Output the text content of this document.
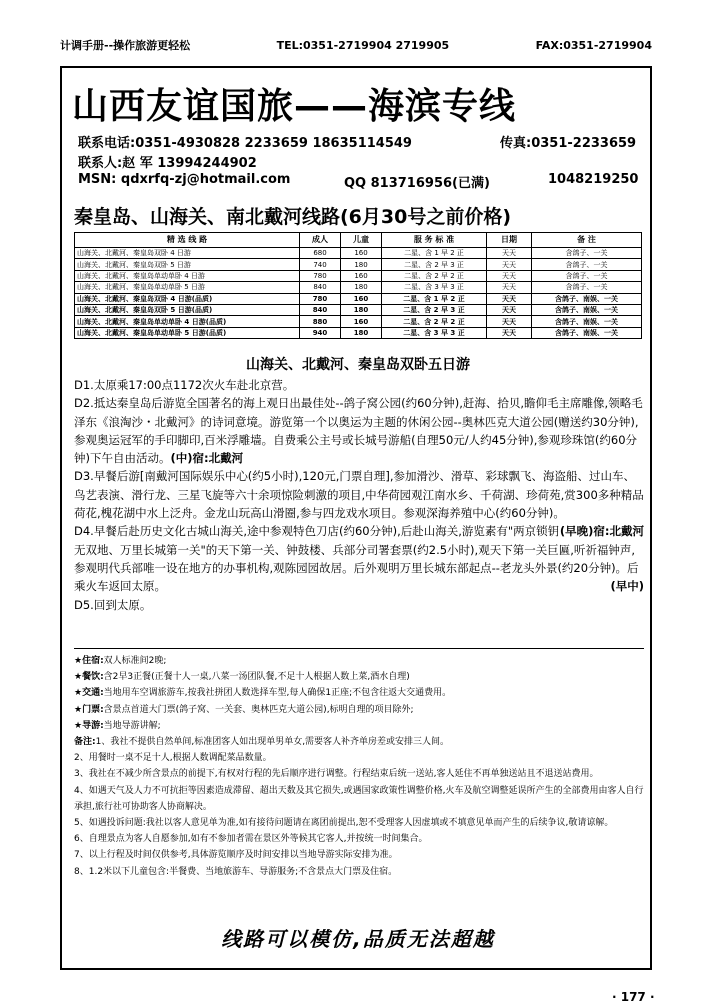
计调手册--操作旅游更轻松	TEL:0351-2719904 2719905	FAX:0351-2719904
山西友谊国旅——海滨专线
联系电话:0351-4930828 2233659 18635114549	传真:0351-2233659
联系人:赵 军 13994244902
MSN: qdxrfq-zj@hotmail.com	QQ 813716956(已满)	1048219250
秦皇岛、山海关、南北戴河线路(6月30号之前价格)
精 选 线 路	成人	儿童	服 务 标 准	日期	备 注
山海关、北戴河、秦皇岛双卧 4 日游	680	160	二星、含 1 早 2 正	天天	含鸽子、一关
山海关、北戴河、秦皇岛双卧 5 日游	740	180	二星、含 2 早 3 正	天天	含鸽子、一关
山海关、北戴河、秦皇岛单动单卧 4 日游	780	160	二星、含 2 早 2 正	天天	含鸽子、一关
山海关、北戴河、秦皇岛单动单卧 5 日游	840	180	二星、含 3 早 3 正	天天	含鸽子、一关
山海关、北戴河、秦皇岛双卧 4 日游(品质)	780	160	二星、含 1 早 2 正	天天	含鸽子、南娱、一关
山海关、北戴河、秦皇岛双卧 5 日游(品质)	840	180	二星、含 2 早 3 正	天天	含鸽子、南娱、一关
山海关、北戴河、秦皇岛单动单卧 4 日游(品质)	880	160	二星、含 2 早 2 正	天天	含鸽子、南娱、一关
山海关、北戴河、秦皇岛单动单卧 5 日游(品质)	940	180	二星、含 3 早 3 正	天天	含鸽子、南娱、一关
山海关、北戴河、秦皇岛双卧五日游

D1.太原乘17:00点1172次火车赴北京营。

D2.抵达秦皇岛后游览全国著名的海上观日出最佳处--鸽子窝公园(约60分钟),赶海、拾贝,瞻仰毛主席雕像,领略毛泽东《浪淘沙・北戴河》的诗词意境。游览第一个以奥运为主题的休闲公园--奥林匹克大道公园(赠送约30分钟),参观奥运冠军的手印脚印,百米浮雕墙。自费乘公主号或长城号游船(自理50元/人约45分钟),参观珍珠馆(约60分钟)下午自由活动。(中)宿:北戴河

D3.早餐后游[南戴河国际娱乐中心(约5小时),120元,门票自理],参加滑沙、滑草、彩球飘飞、海盗船、过山车、鸟艺表演、滑行龙、三星飞旋等六十余项惊险刺激的项目,中华荷园观江南水乡、千荷湖、珍荷苑,赏300多种精品荷花,槐花湖中水上泛舟。金龙山玩高山滑圈,参与四龙戏水项目。参观深海养殖中心(约60分钟)。
(早晚)宿:北戴河

D4.早餐后赴历史文化古城山海关,途中参观特色刀店(约60分钟),后赴山海关,游览素有"两京锁钥无双地、万里长城第一关"的天下第一关、钟鼓楼、兵部分司署套票(约2.5小时),观天下第一关巨匾,听祈福钟声,参观明代兵部唯一设在地方的办事机构,观陈园园故居。后外观明万里长城东部起点--老龙头外景(约20分钟)。后乘火车返回太原。	(早中)

D5.回到太原。

★住宿:双人标准间2晚;

★餐饮:含2早3正餐(正餐十人一桌,八菜一汤团队餐,不足十人根据人数上菜,酒水自理)

★交通:当地用车空调旅游车,按我社拼团人数选择车型,每人确保1正座;不包含往返大交通费用。

★门票:含景点首道大门票(鸽子窝、一关套、奥林匹克大道公园),标明自理的项目除外;

★导游:当地导游讲解;

备注:1、我社不提供自然单间,标准团客人如出现单男单女,需要客人补齐单房差或安排三人间。

2、用餐时一桌不足十人,根据人数调配菜品数量。

3、我社在不减少所含景点的前提下,有权对行程的先后顺序进行调整。行程结束后统一送站,客人延住不再单独送站且不退送站费用。

4、如遇天气及人力不可抗拒等因素造成滞留、超出天数及其它损失,或遇国家政策性调整价格,火车及航空调整延误所产生的全部费用由客人自行承担,旅行社可协助客人协商解决。

5、如遇投诉问题:我社以客人意见单为准,如有接待问题请在离团前提出,恕不受理客人因虚填或不填意见单而产生的后续争议,敬请谅解。

6、自理景点为客人自愿参加,如有不参加者需在景区外等候其它客人,并按统一时间集合。

7、以上行程及时间仅供参考,具体游览顺序及时间安排以当地导游实际安排为准。

8、1.2米以下儿童包含:半餐费、当地旅游车、导游服务;不含景点大门票及住宿。

线路可以模仿,品质无法超越
· 177 ·
